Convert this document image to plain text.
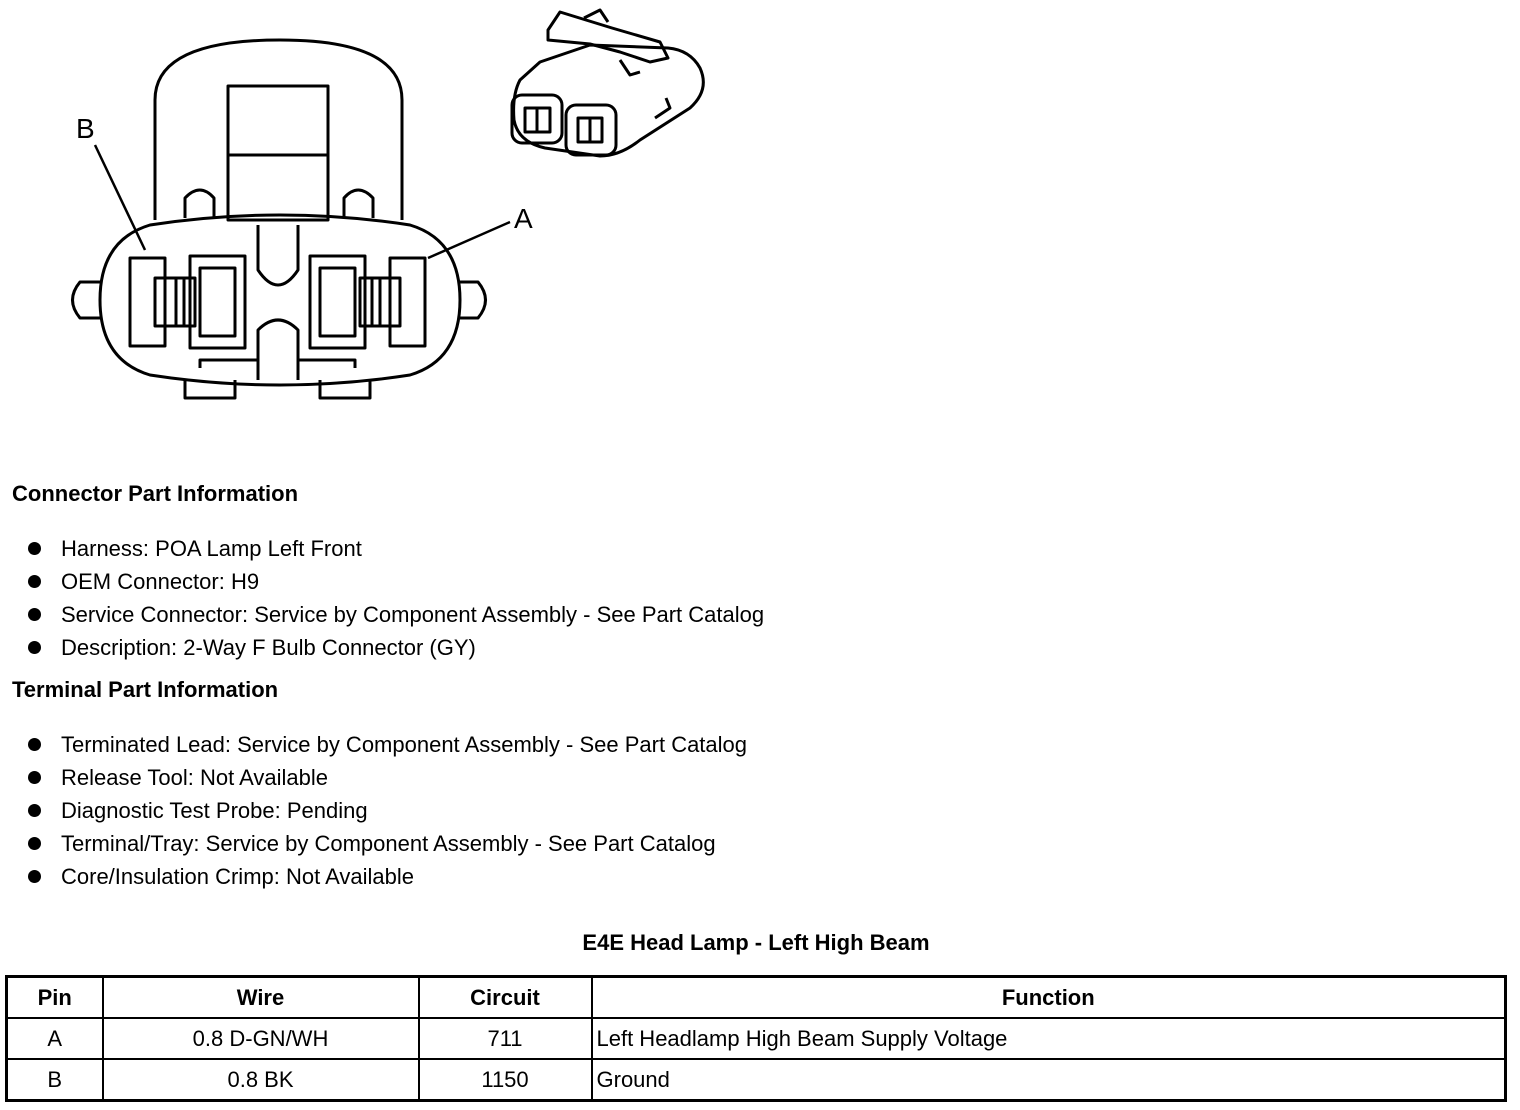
B
A
Connector Part Information
Harness: POA Lamp Left Front
OEM Connector: H9
Service Connector: Service by Component Assembly - See Part Catalog
Description: 2-Way F Bulb Connector (GY)
Terminal Part Information
Terminated Lead: Service by Component Assembly - See Part Catalog
Release Tool: Not Available
Diagnostic Test Probe: Pending
Terminal/Tray: Service by Component Assembly - See Part Catalog
Core/Insulation Crimp: Not Available
E4E Head Lamp - Left High Beam
Pin	Wire	Circuit	Function
A	0.8 D-GN/WH	711	Left Headlamp High Beam Supply Voltage
B	0.8 BK	1150	Ground
